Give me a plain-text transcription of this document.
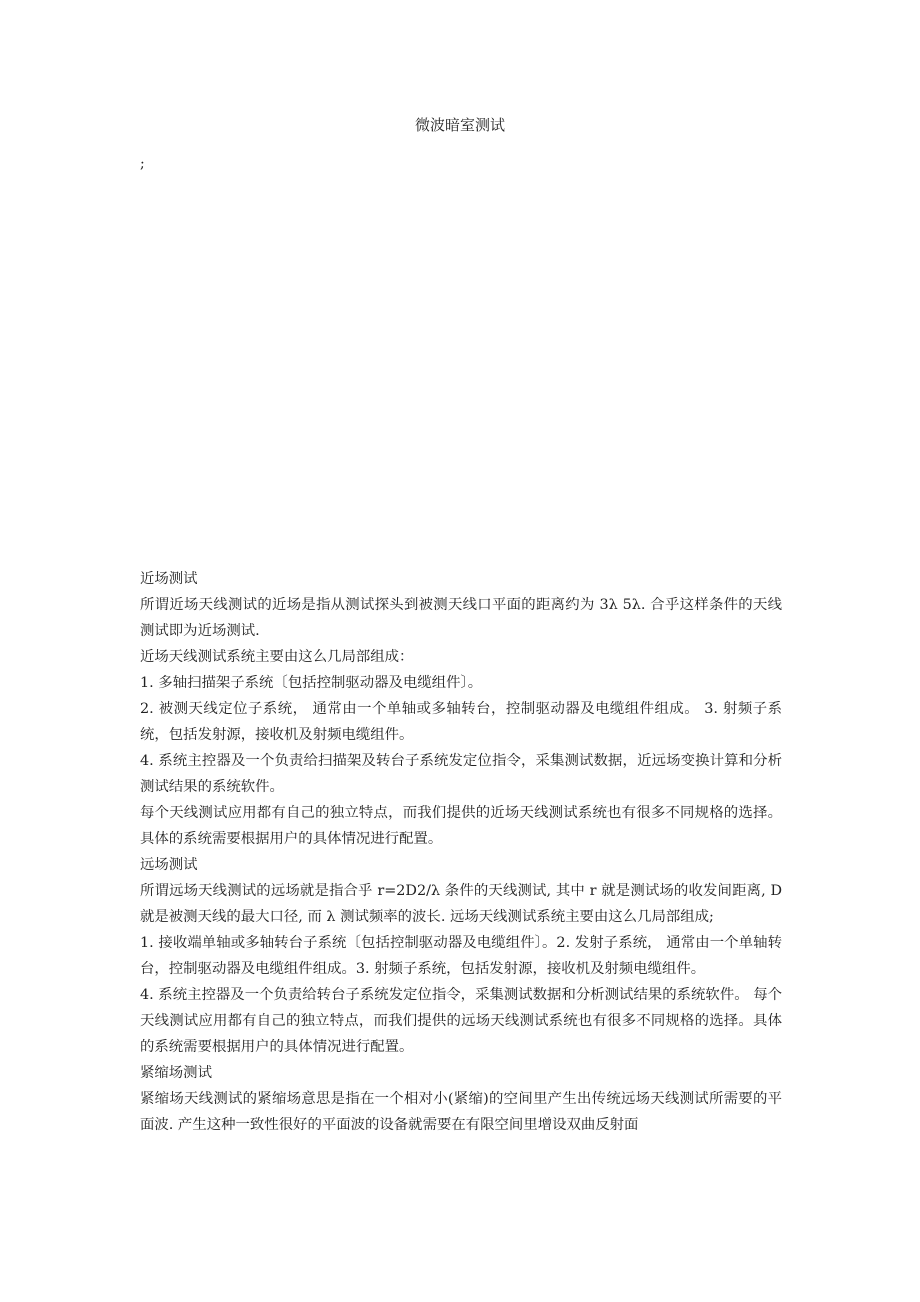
微波暗室测试
;

近场测试

所谓近场天线测试的近场是指从测试探头到被测天线口平面的距离约为 3λ 5λ. 合乎这样条件的天线测试即为近场测试.

近场天线测试系统主要由这么几局部组成：

1. 多轴扫描架子系统〔包括控制驱动器及电缆组件〕。

2. 被测天线定位子系统， 通常由一个单轴或多轴转台，控制驱动器及电缆组件组成。 3. 射频子系统，包括发射源，接收机及射频电缆组件。

4. 系统主控器及一个负责给扫描架及转台子系统发定位指令，采集测试数据，近远场变换计算和分析测试结果的系统软件。

每个天线测试应用都有自己的独立特点，而我们提供的近场天线测试系统也有很多不同规格的选择。具体的系统需要根据用户的具体情况进行配置。

远场测试

所谓远场天线测试的远场就是指合乎 r=2D2/λ 条件的天线测试, 其中 r 就是测试场的收发间距离, D 就是被测天线的最大口径, 而 λ 测试频率的波长. 远场天线测试系统主要由这么几局部组成;

1. 接收端单轴或多轴转台子系统〔包括控制驱动器及电缆组件〕。2. 发射子系统， 通常由一个单轴转台，控制驱动器及电缆组件组成。3. 射频子系统，包括发射源，接收机及射频电缆组件。

4. 系统主控器及一个负责给转台子系统发定位指令，采集测试数据和分析测试结果的系统软件。 每个天线测试应用都有自己的独立特点，而我们提供的远场天线测试系统也有很多不同规格的选择。具体的系统需要根据用户的具体情况进行配置。

紧缩场测试

紧缩场天线测试的紧缩场意思是指在一个相对小(紧缩)的空间里产生出传统远场天线测试所需要的平面波. 产生这种一致性很好的平面波的设备就需要在有限空间里增设双曲反射面
